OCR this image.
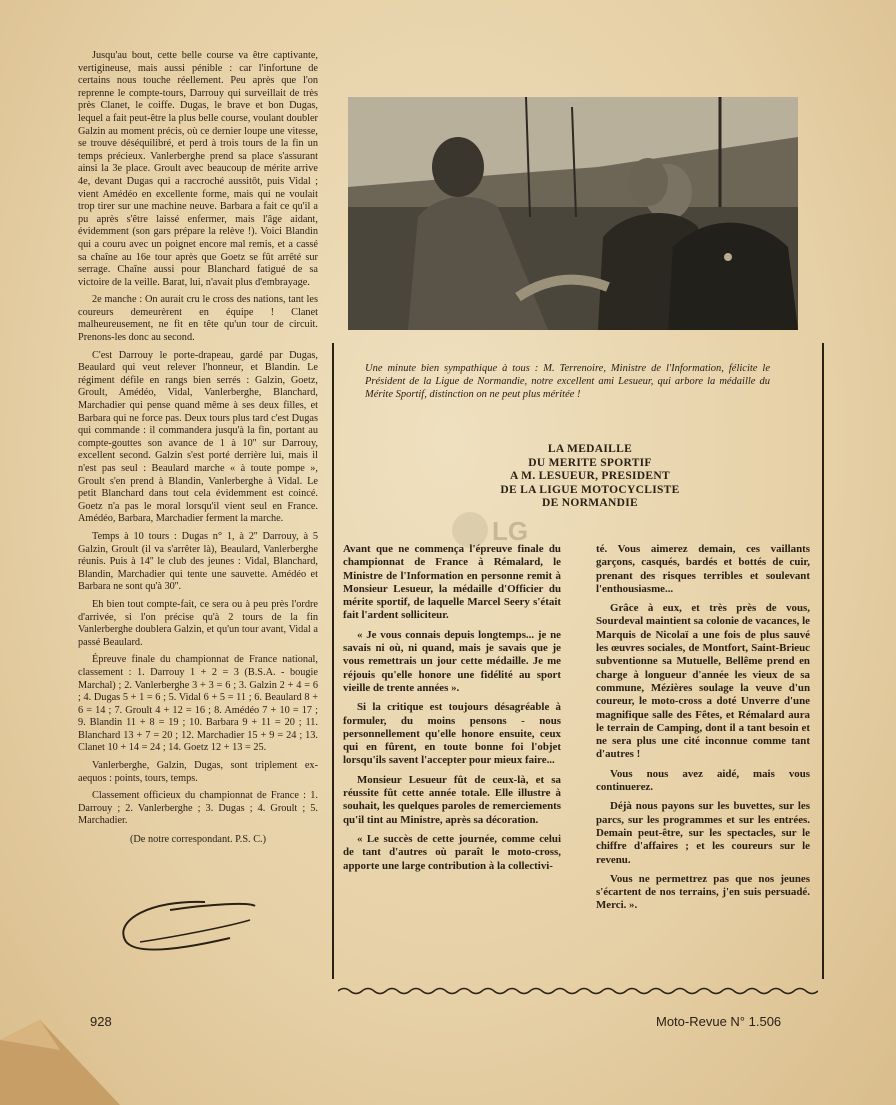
Jusqu'au bout, cette belle course va être captivante, vertigineuse, mais aussi pénible : car l'infortune de certains nous touche réellement. Peu après que l'on reprenne le compte-tours, Darrouy qui surveillait de très près Clanet, le coiffe. Dugas, le brave et bon Dugas, lequel a fait peut-être la plus belle course, voulant doubler Galzin au moment précis, où ce dernier loupe une vitesse, se trouve déséquilibré, et perd à trois tours de la fin un temps précieux. Vanlerberghe prend sa place s'assurant ainsi la 3e place. Groult avec beaucoup de mérite arrive 4e, devant Dugas qui a raccroché aussitôt, puis Vidal ; vient Amédéo en excellente forme, mais qui ne voulait trop tirer sur une machine neuve. Barbara a fait ce qu'il a pu après s'être laissé enfermer, mais l'âge aidant, évidemment (son gars prépare la relève !). Voici Blandin qui a couru avec un poignet encore mal remis, et a cassé sa chaîne au 16e tour après que Goetz se fût arrêté sur serrage. Chaîne aussi pour Blanchard fatigué de sa victoire de la veille. Barat, lui, n'avait plus d'embrayage.

2e manche : On aurait cru le cross des nations, tant les coureurs demeurèrent en équipe ! Clanet malheureusement, ne fit en tête qu'un tour de circuit. Prenons-les donc au second.

C'est Darrouy le porte-drapeau, gardé par Dugas, Beaulard qui veut relever l'honneur, et Blandin. Le régiment défile en rangs bien serrés : Galzin, Goetz, Groult, Amédéo, Vidal, Vanlerberghe, Blanchard, Marchadier qui pense quand même à ses deux filles, et Barbara qui ne force pas. Deux tours plus tard c'est Dugas qui commande : il commandera jusqu'à la fin, portant au compte-gouttes son avance de 1 à 10'' sur Darrouy, excellent second. Galzin s'est porté derrière lui, mais il n'est pas seul : Beaulard marche « à toute pompe », Groult s'en prend à Blandin, Vanlerberghe à Vidal. Le petit Blanchard dans tout cela évidemment est coincé. Goetz n'a pas le moral lorsqu'il vient seul en France. Amédéo, Barbara, Marchadier ferment la marche.

Temps à 10 tours : Dugas n° 1, à 2'' Darrouy, à 5 Galzin, Groult (il va s'arrêter là), Beaulard, Vanlerberghe réunis. Puis à 14'' le club des jeunes : Vidal, Blanchard, Blandin, Marchadier qui tente une sauvette. Amédéo et Barbara ne sont qu'à 30''.

Eh bien tout compte-fait, ce sera ou à peu près l'ordre d'arrivée, si l'on précise qu'à 2 tours de la fin Vanlerberghe doublera Galzin, et qu'un tour avant, Vidal a passé Beaulard.

Épreuve finale du championnat de France national, classement : 1. Darrouy 1 + 2 = 3 (B.S.A. - bougie Marchal) ; 2. Vanlerberghe 3 + 3 = 6 ; 3. Galzin 2 + 4 = 6 ; 4. Dugas 5 + 1 = 6 ; 5. Vidal 6 + 5 = 11 ; 6. Beaulard 8 + 6 = 14 ; 7. Groult 4 + 12 = 16 ; 8. Amédéo 7 + 10 = 17 ; 9. Blandin 11 + 8 = 19 ; 10. Barbara 9 + 11 = 20 ; 11. Blanchard 13 + 7 = 20 ; 12. Marchadier 15 + 9 = 24 ; 13. Clanet 10 + 14 = 24 ; 14. Goetz 12 + 13 = 25.

Vanlerberghe, Galzin, Dugas, sont triplement ex-aequos : points, tours, temps.

Classement officieux du championnat de France : 1. Darrouy ; 2. Vanlerberghe ; 3. Dugas ; 4. Groult ; 5. Marchadier.

(De notre correspondant. P.S. C.)

Une minute bien sympathique à tous : M. Terrenoire, Ministre de l'Information, félicite le Président de la Ligue de Normandie, notre excellent ami Lesueur, qui arbore la médaille du Mérite Sportif, distinction on ne peut plus méritée !
LA MEDAILLE
DU MERITE SPORTIF
A M. LESUEUR, PRESIDENT
DE LA LIGUE MOTOCYCLISTE
DE NORMANDIE
LG

Avant que ne commença l'épreuve finale du championnat de France à Rémalard, le Ministre de l'Information en personne remit à Monsieur Lesueur, la médaille d'Officier du mérite sportif, de laquelle Marcel Seery s'était fait l'ardent solliciteur.

« Je vous connais depuis longtemps... je ne savais ni où, ni quand, mais je savais que je vous remettrais un jour cette médaille. Je me réjouis qu'elle honore une fidélité au sport vieille de trente années ».

Si la critique est toujours désagréable à formuler, du moins pensons - nous personnellement qu'elle honore ensuite, ceux qui en fûrent, en toute bonne foi l'objet lorsqu'ils savent l'accepter pour mieux faire...

Monsieur Lesueur fût de ceux-là, et sa réussite fût cette année totale. Elle illustre à souhait, les quelques paroles de remerciements qu'il tint au Ministre, après sa décoration.

« Le succès de cette journée, comme celui de tant d'autres où paraît le moto-cross, apporte une large contribution à la collectivi-

té. Vous aimerez demain, ces vaillants garçons, casqués, bardés et bottés de cuir, prenant des risques terribles et soulevant l'enthousiasme...

Grâce à eux, et très près de vous, Sourdeval maintient sa colonie de vacances, le Marquis de Nicolaï a une fois de plus sauvé les œuvres sociales, de Montfort, Saint-Brieuc subventionne sa Mutuelle, Bellême prend en charge à longueur d'année les vieux de sa commune, Mézières soulage la veuve d'un coureur, le moto-cross a doté Unverre d'une magnifique salle des Fêtes, et Rémalard aura le terrain de Camping, dont il a tant besoin et ne sera plus une cité inconnue comme tant d'autres !

Vous nous avez aidé, mais vous continuerez.

Déjà nous payons sur les buvettes, sur les parcs, sur les programmes et sur les entrées. Demain peut-être, sur les spectacles, sur le chiffre d'affaires ; et les coureurs sur le revenu.

Vous ne permettrez pas que nos jeunes s'écartent de nos terrains, j'en suis persuadé. Merci. ».

928	Moto-Revue N° 1.506
